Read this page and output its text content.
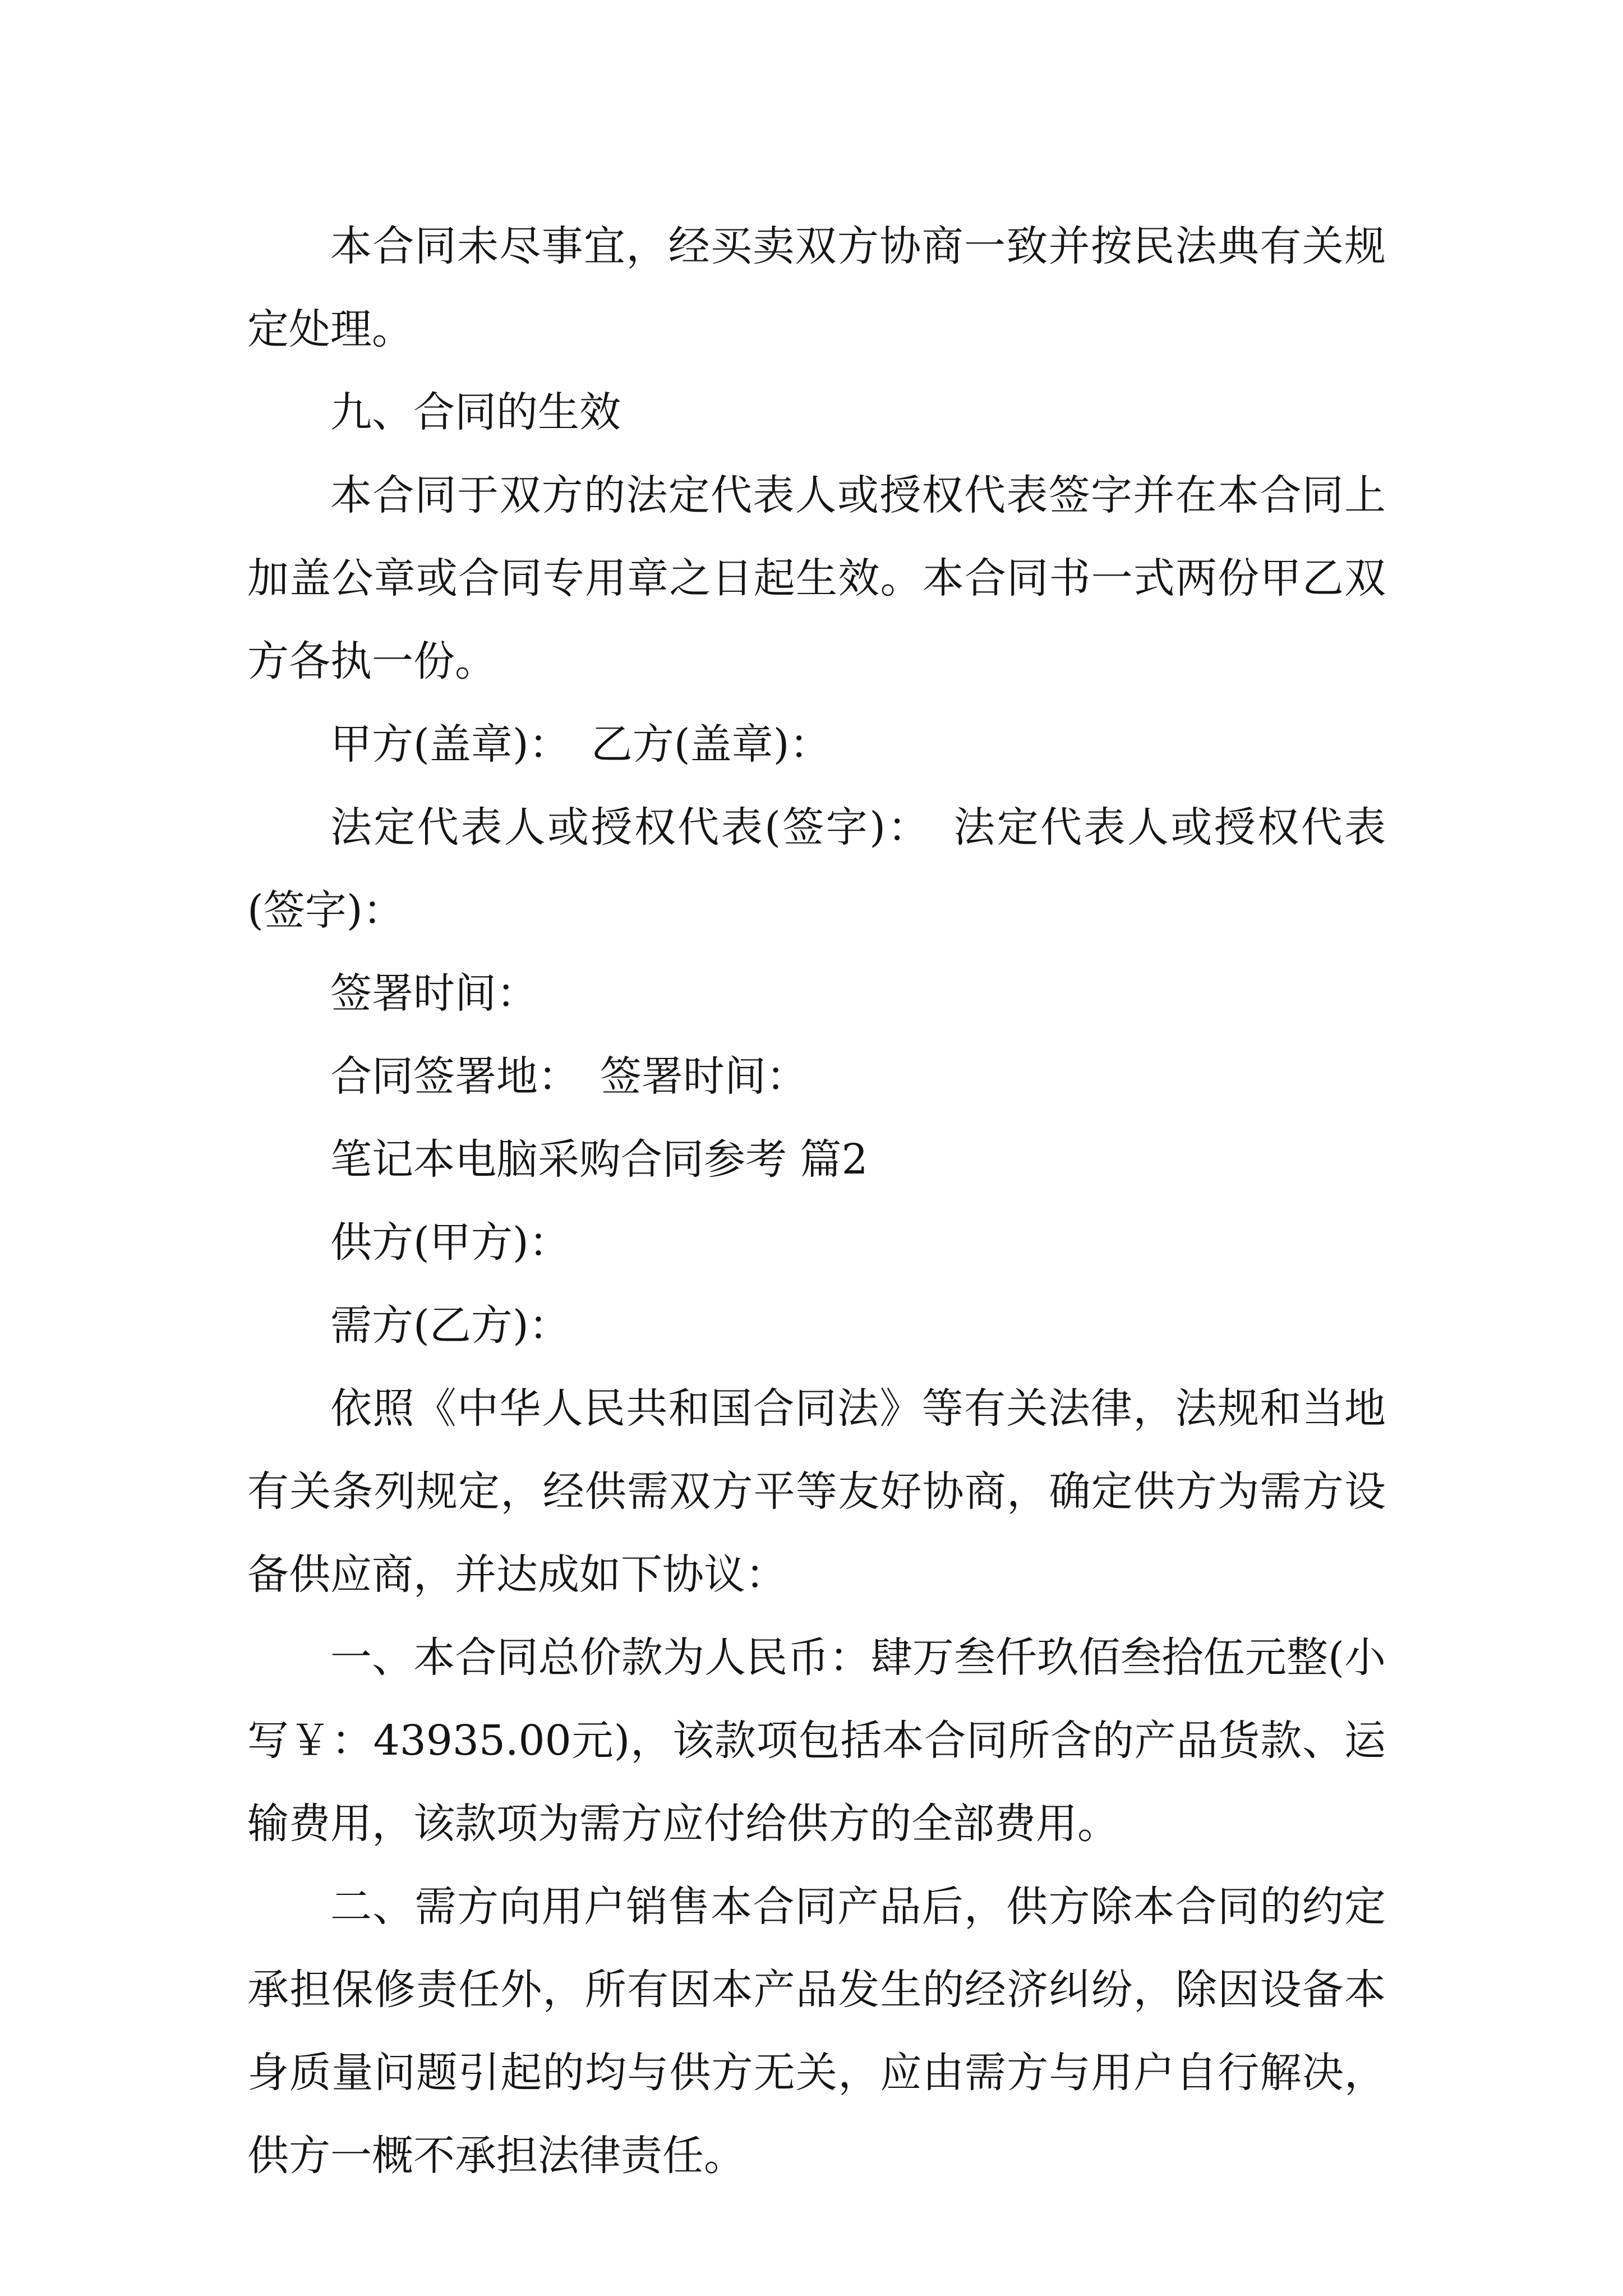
本合同未尽事宜，经买卖双方协商一致并按民法典有关规定处理。

九、合同的生效

本合同于双方的法定代表人或授权代表签字并在本合同上加盖公章或合同专用章之日起生效。本合同书一式两份甲乙双方各执一份。

甲方(盖章)：　乙方(盖章)：

法定代表人或授权代表(签字)：　法定代表人或授权代表(签字)：

签署时间：

合同签署地：　签署时间：

笔记本电脑采购合同参考 篇2

供方(甲方)：

需方(乙方)：

依照《中华人民共和国合同法》等有关法律，法规和当地有关条列规定，经供需双方平等友好协商，确定供方为需方设备供应商，并达成如下协议：

一、本合同总价款为人民币：肆万叁仟玖佰叁拾伍元整(小写￥：43935.00元)，该款项包括本合同所含的产品货款、运输费用，该款项为需方应付给供方的全部费用。

二、需方向用户销售本合同产品后，供方除本合同的约定承担保修责任外，所有因本产品发生的经济纠纷，除因设备本身质量问题引起的均与供方无关，应由需方与用户自行解决，供方一概不承担法律责任。
